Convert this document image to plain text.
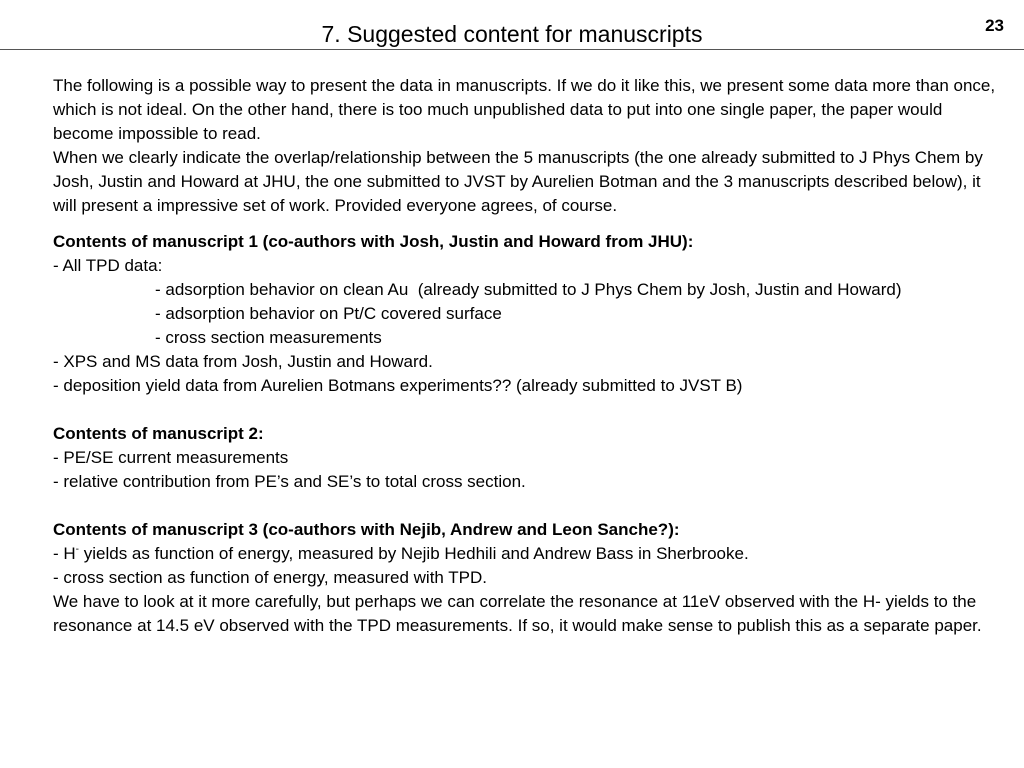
7. Suggested content for manuscripts	23

The following is a possible way to present the data in manuscripts. If we do it like this, we present some data more than once, which is not ideal. On the other hand, there is too much unpublished data to put into one single paper, the paper would become impossible to read.

When we clearly indicate the overlap/relationship between the 5 manuscripts (the one already submitted to J Phys Chem by Josh, Justin and Howard at JHU, the one submitted to JVST by Aurelien Botman and the 3 manuscripts described below), it will present a impressive set of work. Provided everyone agrees, of course.

Contents of manuscript 1 (co-authors with Josh, Justin and Howard from JHU):

- All TPD data:

- adsorption behavior on clean Au  (already submitted to J Phys Chem by Josh, Justin and Howard)

- adsorption behavior on Pt/C covered surface

- cross section measurements

- XPS and MS data from Josh, Justin and Howard.

- deposition yield data from Aurelien Botmans experiments?? (already submitted to JVST B)

Contents of manuscript 2:

- PE/SE current measurements

- relative contribution from PE’s and SE’s to total cross section.

Contents of manuscript 3 (co-authors with Nejib, Andrew and Leon Sanche?):

- H- yields as function of energy, measured by Nejib Hedhili and Andrew Bass in Sherbrooke.

- cross section as function of energy, measured with TPD.

We have to look at it more carefully, but perhaps we can correlate the resonance at 11eV observed with the H- yields to the resonance at 14.5 eV observed with the TPD measurements. If so, it would make sense to publish this as a separate paper.
